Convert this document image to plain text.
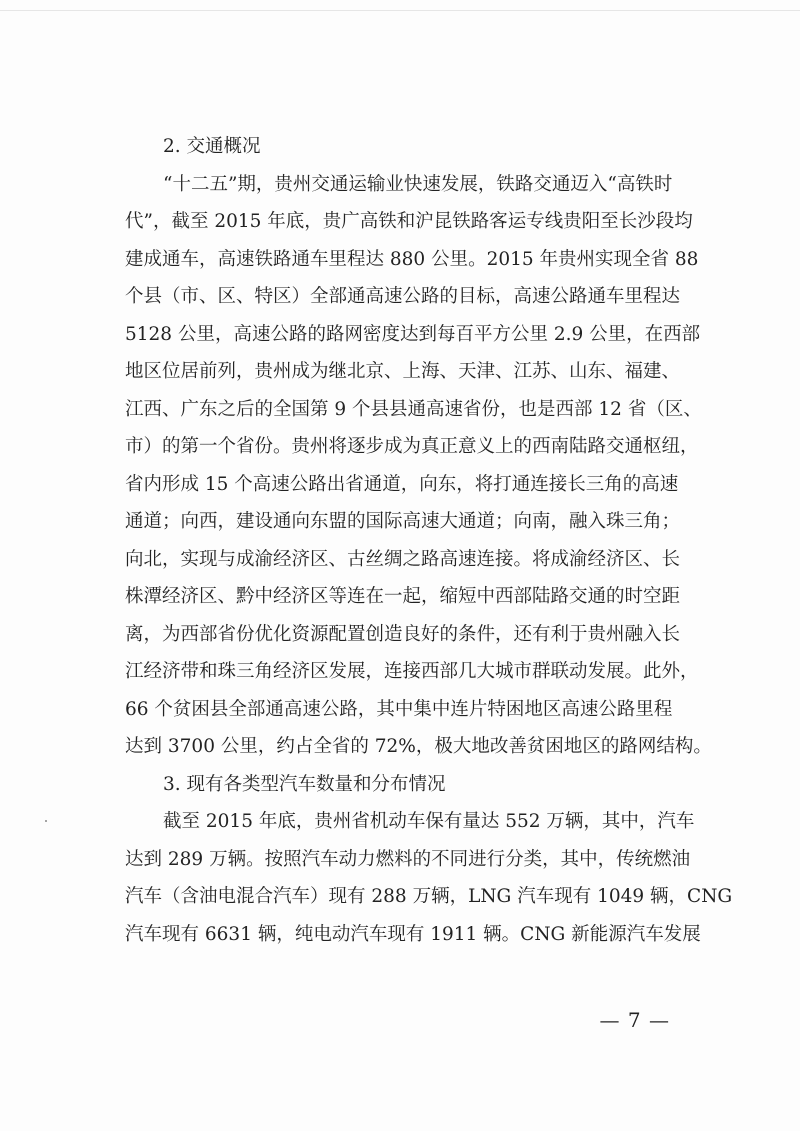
2. 交通概况

“十二五”期，贵州交通运输业快速发展，铁路交通迈入“高铁时

代”，截至 2015 年底，贵广高铁和沪昆铁路客运专线贵阳至长沙段均

建成通车，高速铁路通车里程达 880 公里。2015 年贵州实现全省 88

个县（市、区、特区）全部通高速公路的目标，高速公路通车里程达

5128 公里，高速公路的路网密度达到每百平方公里 2.9 公里，在西部

地区位居前列，贵州成为继北京、上海、天津、江苏、山东、福建、

江西、广东之后的全国第 9 个县县通高速省份，也是西部 12 省（区、

市）的第一个省份。贵州将逐步成为真正意义上的西南陆路交通枢纽，

省内形成 15 个高速公路出省通道，向东，将打通连接长三角的高速

通道；向西，建设通向东盟的国际高速大通道；向南，融入珠三角；

向北，实现与成渝经济区、古丝绸之路高速连接。将成渝经济区、长

株潭经济区、黔中经济区等连在一起，缩短中西部陆路交通的时空距

离，为西部省份优化资源配置创造良好的条件，还有利于贵州融入长

江经济带和珠三角经济区发展，连接西部几大城市群联动发展。此外，

66 个贫困县全部通高速公路，其中集中连片特困地区高速公路里程

达到 3700 公里，约占全省的 72%，极大地改善贫困地区的路网结构。

3. 现有各类型汽车数量和分布情况

截至 2015 年底，贵州省机动车保有量达 552 万辆，其中，汽车

达到 289 万辆。按照汽车动力燃料的不同进行分类，其中，传统燃油

汽车（含油电混合汽车）现有 288 万辆，LNG 汽车现有 1049 辆，CNG

汽车现有 6631 辆，纯电动汽车现有 1911 辆。CNG 新能源汽车发展

— 7 —
